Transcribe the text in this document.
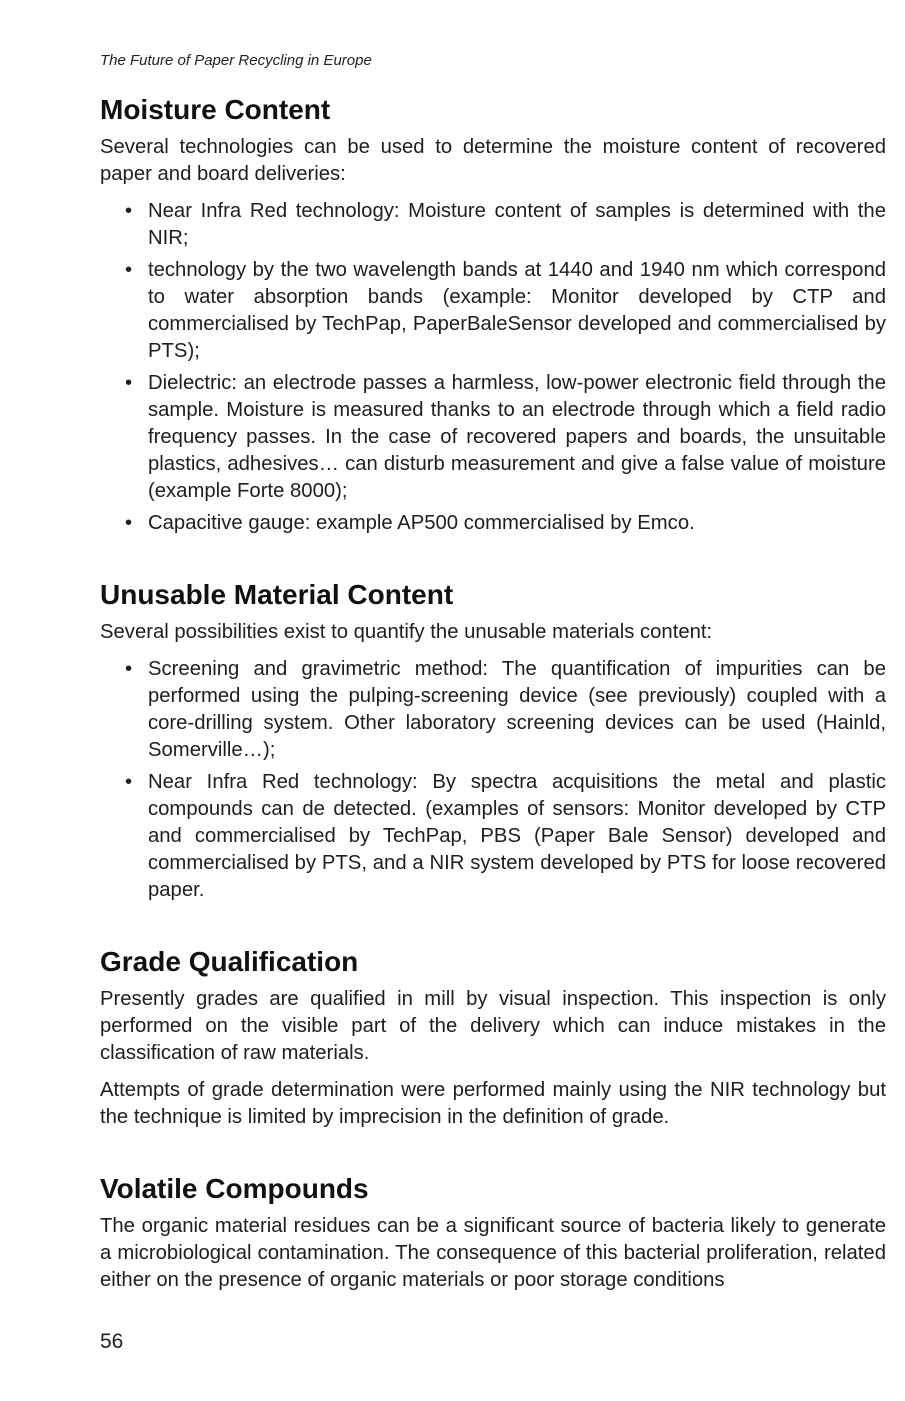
The Future of Paper Recycling in Europe
Moisture Content

Several technologies can be used to determine the moisture content of recovered paper and board deliveries:

• Near Infra Red technology: Moisture content of samples is determined with the NIR;
• technology by the two wavelength bands at 1440 and 1940 nm which correspond to water absorption bands (example: Monitor developed by CTP and commercialised by TechPap, PaperBaleSensor developed and commercialised by PTS);
• Dielectric: an electrode passes a harmless, low-power electronic field through the sample. Moisture is measured thanks to an electrode through which a field radio frequency passes. In the case of recovered papers and boards, the unsuitable plastics, adhesives… can disturb measurement and give a false value of moisture (example Forte 8000);
• Capacitive gauge: example AP500 commercialised by Emco.
Unusable Material Content

Several possibilities exist to quantify the unusable materials content:

• Screening and gravimetric method: The quantification of impurities can be performed using the pulping-screening device (see previously) coupled with a core-drilling system. Other laboratory screening devices can be used (Hainld, Somerville…);
• Near Infra Red technology: By spectra acquisitions the metal and plastic compounds can de detected. (examples of sensors: Monitor developed by CTP and commercialised by TechPap, PBS (Paper Bale Sensor) developed and commercialised by PTS, and a NIR system developed by PTS for loose recovered paper.
Grade Qualification

Presently grades are qualified in mill by visual inspection. This inspection is only performed on the visible part of the delivery which can induce mistakes in the classification of raw materials.

Attempts of grade determination were performed mainly using the NIR technology but the technique is limited by imprecision in the definition of grade.

Volatile Compounds

The organic material residues can be a significant source of bacteria likely to generate a microbiological contamination. The consequence of this bacterial proliferation, related either on the presence of organic materials or poor storage conditions

56
